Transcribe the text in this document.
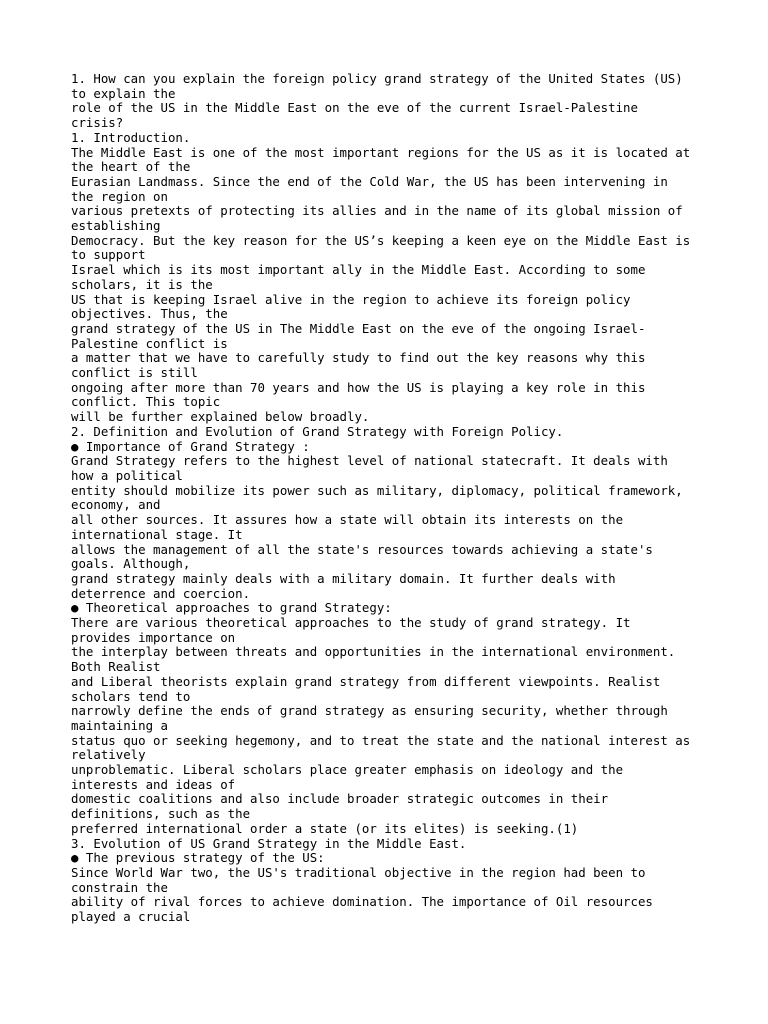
1. How can you explain the foreign policy grand strategy of the United States (US)
to explain the
role of the US in the Middle East on the eve of the current Israel-Palestine
crisis?
1. Introduction.
The Middle East is one of the most important regions for the US as it is located at
the heart of the
Eurasian Landmass. Since the end of the Cold War, the US has been intervening in
the region on
various pretexts of protecting its allies and in the name of its global mission of
establishing
Democracy. But the key reason for the US’s keeping a keen eye on the Middle East is
to support
Israel which is its most important ally in the Middle East. According to some
scholars, it is the
US that is keeping Israel alive in the region to achieve its foreign policy
objectives. Thus, the
grand strategy of the US in The Middle East on the eve of the ongoing Israel-
Palestine conflict is
a matter that we have to carefully study to find out the key reasons why this
conflict is still
ongoing after more than 70 years and how the US is playing a key role in this
conflict. This topic
will be further explained below broadly.
2. Definition and Evolution of Grand Strategy with Foreign Policy.
● Importance of Grand Strategy :
Grand Strategy refers to the highest level of national statecraft. It deals with
how a political
entity should mobilize its power such as military, diplomacy, political framework,
economy, and
all other sources. It assures how a state will obtain its interests on the
international stage. It
allows the management of all the state's resources towards achieving a state's
goals. Although,
grand strategy mainly deals with a military domain. It further deals with
deterrence and coercion.
● Theoretical approaches to grand Strategy:
There are various theoretical approaches to the study of grand strategy. It
provides importance on
the interplay between threats and opportunities in the international environment.
Both Realist
and Liberal theorists explain grand strategy from different viewpoints. Realist
scholars tend to
narrowly define the ends of grand strategy as ensuring security, whether through
maintaining a
status quo or seeking hegemony, and to treat the state and the national interest as
relatively
unproblematic. Liberal scholars place greater emphasis on ideology and the
interests and ideas of
domestic coalitions and also include broader strategic outcomes in their
definitions, such as the
preferred international order a state (or its elites) is seeking.(1)
3. Evolution of US Grand Strategy in the Middle East.
● The previous strategy of the US:
Since World War two, the US's traditional objective in the region had been to
constrain the
ability of rival forces to achieve domination. The importance of Oil resources
played a crucial
